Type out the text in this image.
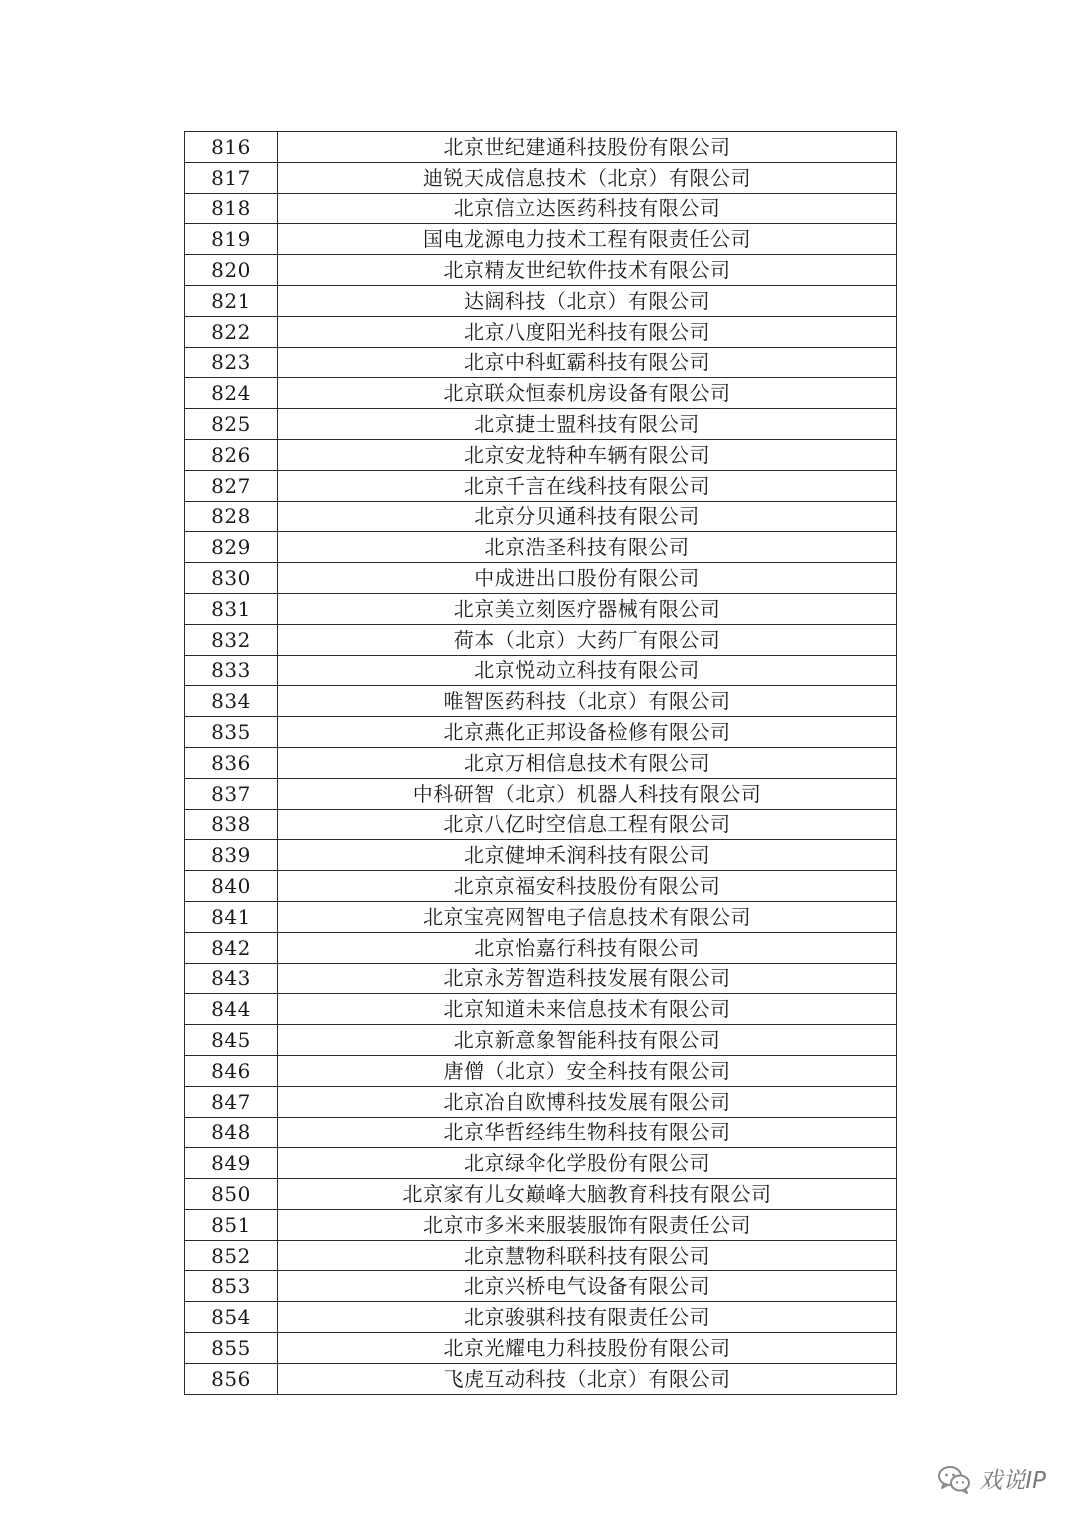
816	北京世纪建通科技股份有限公司
817	迪锐天成信息技术（北京）有限公司
818	北京信立达医药科技有限公司
819	国电龙源电力技术工程有限责任公司
820	北京精友世纪软件技术有限公司
821	达阔科技（北京）有限公司
822	北京八度阳光科技有限公司
823	北京中科虹霸科技有限公司
824	北京联众恒泰机房设备有限公司
825	北京捷士盟科技有限公司
826	北京安龙特种车辆有限公司
827	北京千言在线科技有限公司
828	北京分贝通科技有限公司
829	北京浩圣科技有限公司
830	中成进出口股份有限公司
831	北京美立刻医疗器械有限公司
832	荷本（北京）大药厂有限公司
833	北京悦动立科技有限公司
834	唯智医药科技（北京）有限公司
835	北京燕化正邦设备检修有限公司
836	北京万相信息技术有限公司
837	中科研智（北京）机器人科技有限公司
838	北京八亿时空信息工程有限公司
839	北京健坤禾润科技有限公司
840	北京京福安科技股份有限公司
841	北京宝亮网智电子信息技术有限公司
842	北京怡嘉行科技有限公司
843	北京永芳智造科技发展有限公司
844	北京知道未来信息技术有限公司
845	北京新意象智能科技有限公司
846	唐僧（北京）安全科技有限公司
847	北京冶自欧博科技发展有限公司
848	北京华哲经纬生物科技有限公司
849	北京绿伞化学股份有限公司
850	北京家有儿女巅峰大脑教育科技有限公司
851	北京市多米来服装服饰有限责任公司
852	北京慧物科联科技有限公司
853	北京兴桥电气设备有限公司
854	北京骏骐科技有限责任公司
855	北京光耀电力科技股份有限公司
856	飞虎互动科技（北京）有限公司
戏说IP
